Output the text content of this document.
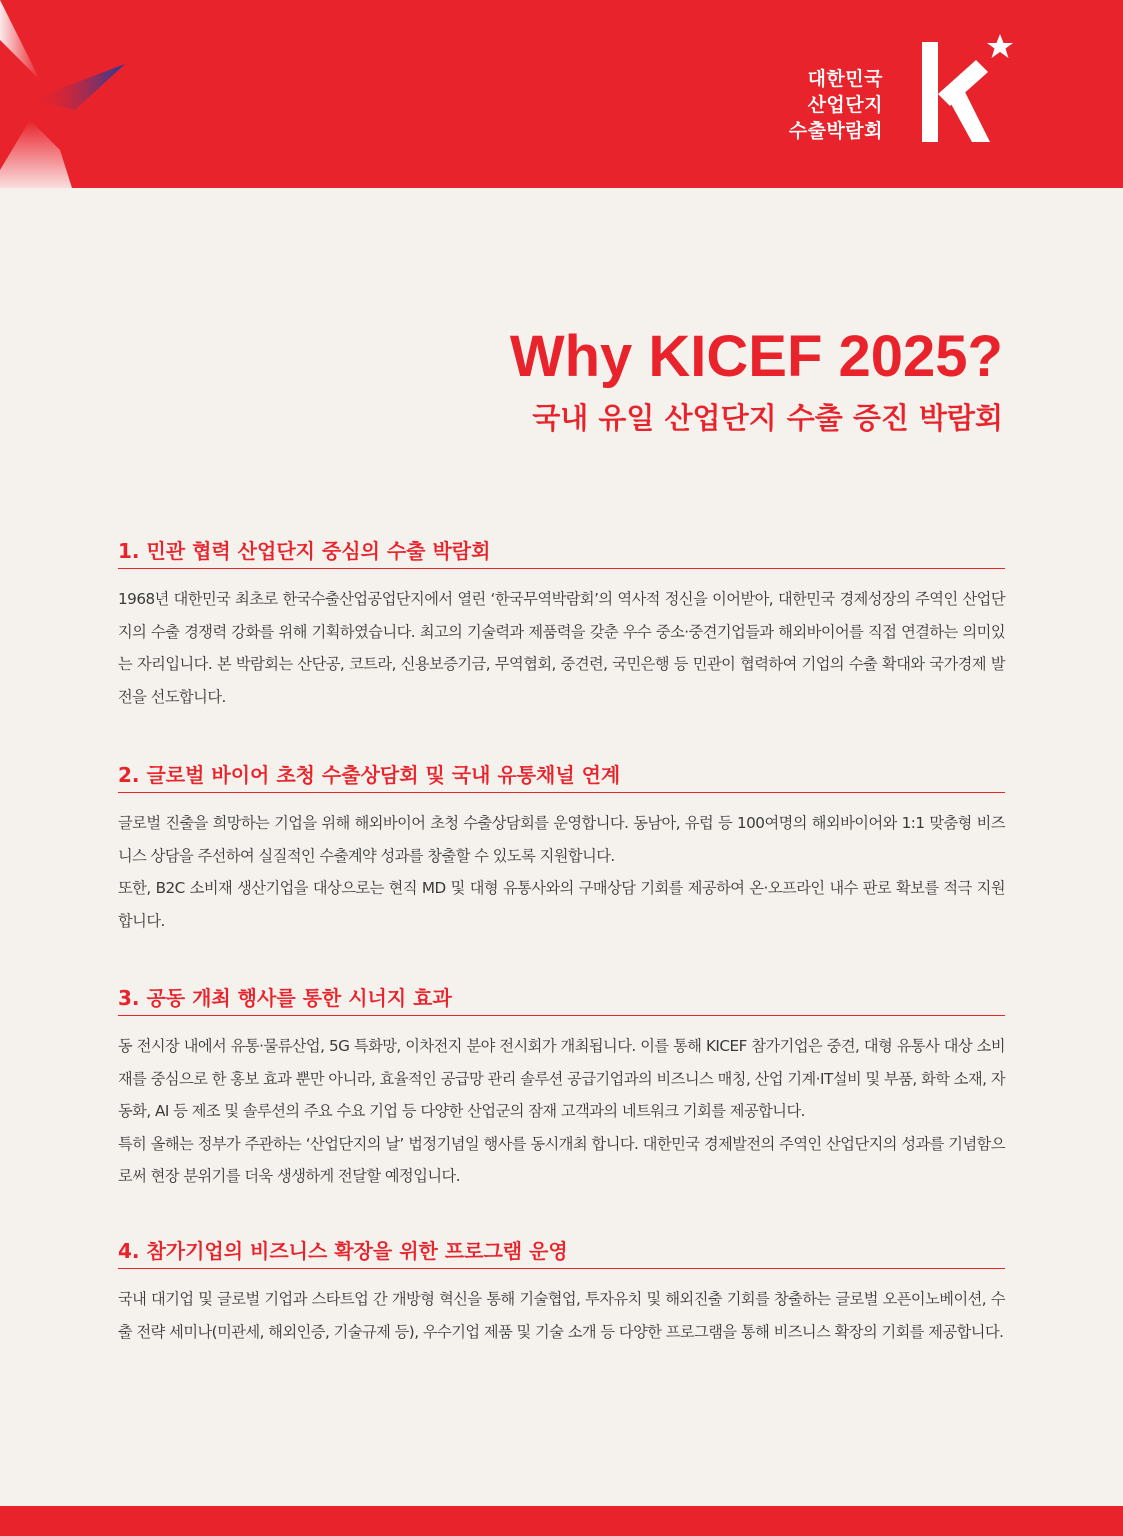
대한민국
산업단지
수출박람회
Why KICEF 2025?
국내 유일 산업단지 수출 증진 박람회
1. 민관 협력 산업단지 중심의 수출 박람회

1968년 대한민국 최초로 한국수출산업공업단지에서 열린 ‘한국무역박람회’의 역사적 정신을 이어받아, 대한민국 경제성장의 주역인 산업단지의 수출 경쟁력 강화를 위해 기획하였습니다. 최고의 기술력과 제품력을 갖춘 우수 중소·중견기업들과 해외바이어를 직접 연결하는 의미있는 자리입니다. 본 박람회는 산단공, 코트라, 신용보증기금, 무역협회, 중견련, 국민은행 등 민관이 협력하여 기업의 수출 확대와 국가경제 발전을 선도합니다.

2. 글로벌 바이어 초청 수출상담회 및 국내 유통채널 연계

글로벌 진출을 희망하는 기업을 위해 해외바이어 초청 수출상담회를 운영합니다. 동남아, 유럽 등 100여명의 해외바이어와 1:1 맞춤형 비즈니스 상담을 주선하여 실질적인 수출계약 성과를 창출할 수 있도록 지원합니다.

또한, B2C 소비재 생산기업을 대상으로는 현직 MD 및 대형 유통사와의 구매상담 기회를 제공하여 온·오프라인 내수 판로 확보를 적극 지원합니다.

3. 공동 개최 행사를 통한 시너지 효과

동 전시장 내에서 유통·물류산업, 5G 특화망, 이차전지 분야 전시회가 개최됩니다. 이를 통해 KICEF 참가기업은 중견, 대형 유통사 대상 소비재를 중심으로 한 홍보 효과 뿐만 아니라, 효율적인 공급망 관리 솔루션 공급기업과의 비즈니스 매칭, 산업 기계·IT설비 및 부품, 화학 소재, 자동화, AI 등 제조 및 솔루션의 주요 수요 기업 등 다양한 산업군의 잠재 고객과의 네트워크 기회를 제공합니다.

특히 올해는 정부가 주관하는 ‘산업단지의 날’ 법정기념일 행사를 동시개최 합니다. 대한민국 경제발전의 주역인 산업단지의 성과를 기념함으로써 현장 분위기를 더욱 생생하게 전달할 예정입니다.

4. 참가기업의 비즈니스 확장을 위한 프로그램 운영

국내 대기업 및 글로벌 기업과 스타트업 간 개방형 혁신을 통해 기술협업, 투자유치 및 해외진출 기회를 창출하는 글로벌 오픈이노베이션, 수출 전략 세미나(미관세, 해외인증, 기술규제 등), 우수기업 제품 및 기술 소개 등 다양한 프로그램을 통해 비즈니스 확장의 기회를 제공합니다.
